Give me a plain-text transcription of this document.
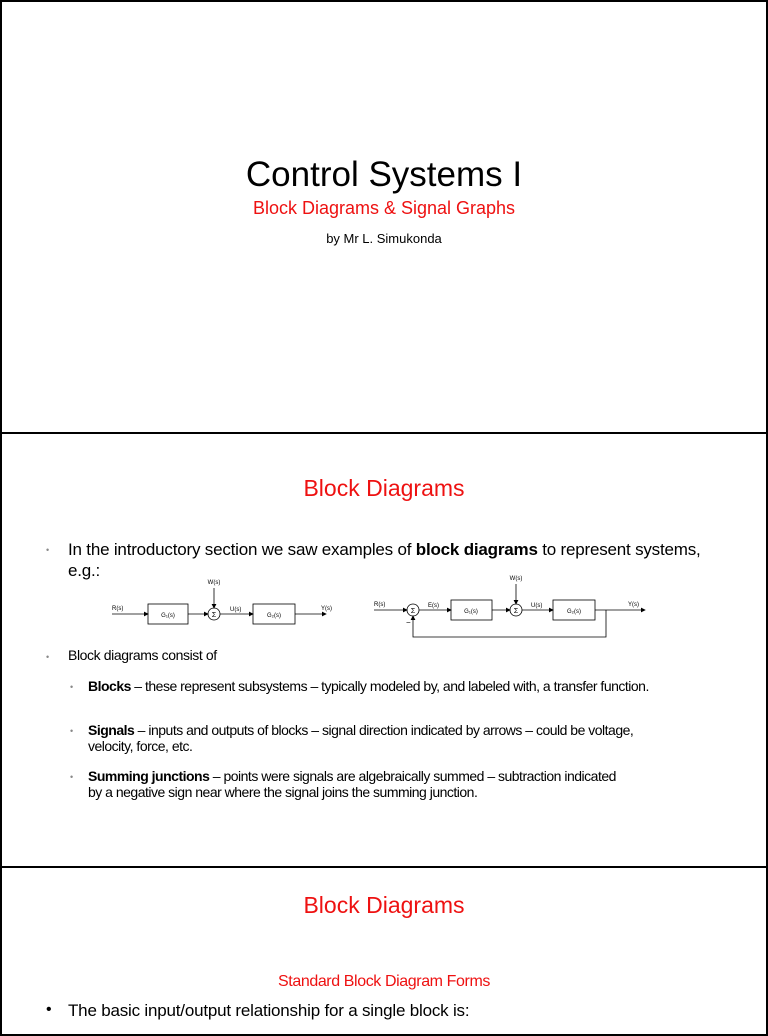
Control Systems I
Block Diagrams & Signal Graphs
by Mr L. Simukonda
Block Diagrams
• In the introductory section we saw examples of block diagrams to represent systems,
e.g.:
Σ
R(s)
G₁(s)
W(s)
U(s)
G₂(s)
Y(s)	Σ	Σ
R(s)	E(s)
G₁(s)
W(s)
U(s)
G₂(s)
Y(s)
−
• Block diagrams consist of
• Blocks – these represent subsystems – typically modeled by, and labeled with, a transfer function.
• Signals – inputs and outputs of blocks – signal direction indicated by arrows – could be voltage,
velocity, force, etc.
• Summing junctions – points were signals are algebraically summed – subtraction indicated
by a negative sign near where the signal joins the summing junction.
Block Diagrams
Standard Block Diagram Forms
• The basic input/output relationship for a single block is:
